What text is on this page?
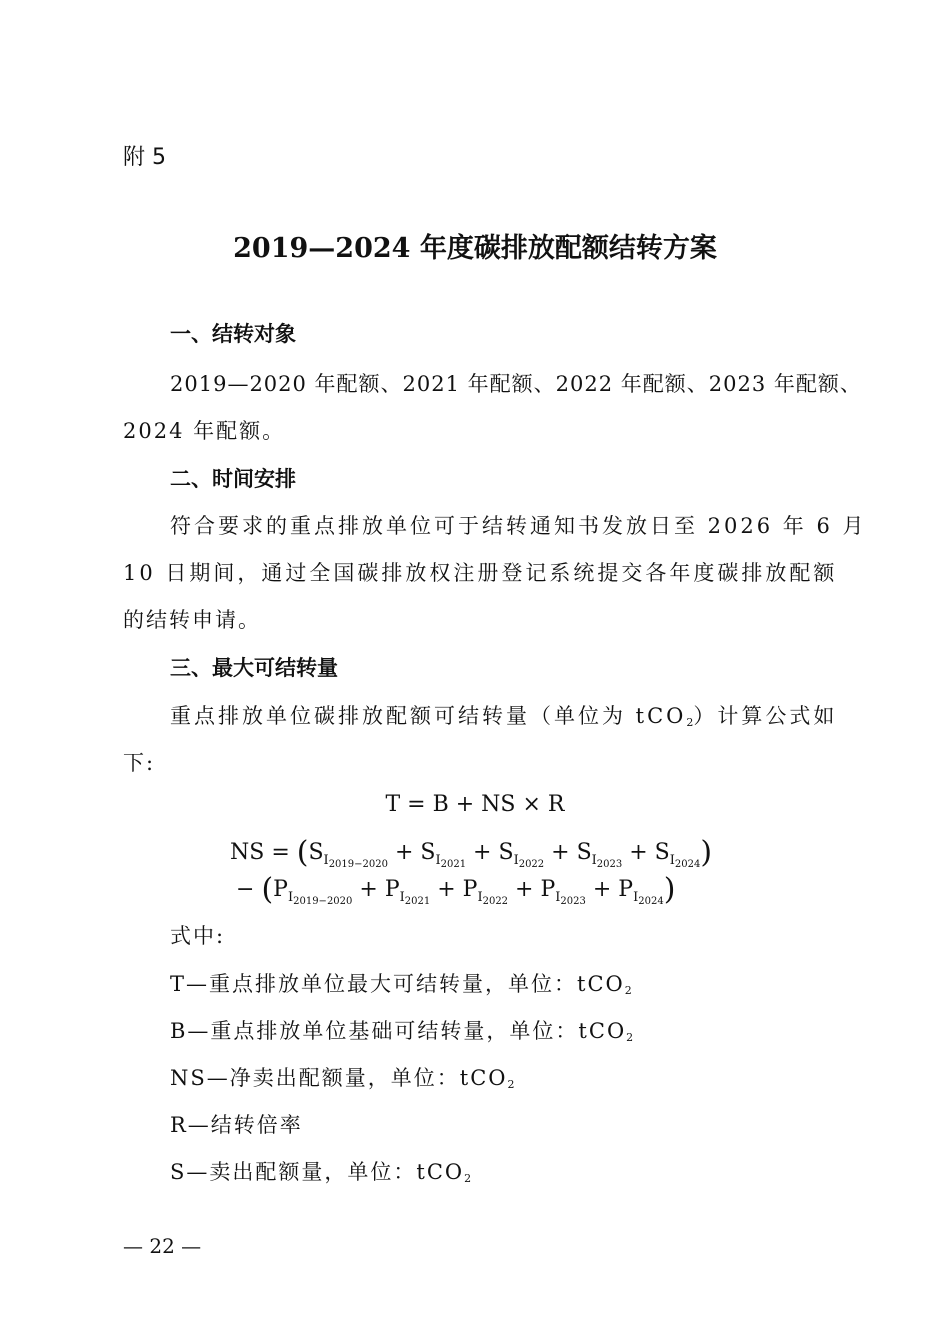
附 5
2019—2024 年度碳排放配额结转方案
一、结转对象
2019—2020 年配额、2021 年配额、2022 年配额、2023 年配额、
2024 年配额。
二、时间安排
符合要求的重点排放单位可于结转通知书发放日至 2026 年 6 月
10 日期间，通过全国碳排放权注册登记系统提交各年度碳排放配额
的结转申请。
三、最大可结转量
重点排放单位碳排放配额可结转量（单位为 tCO2）计算公式如
下:
T = B + NS × R
NS = $(S_{I_{2019-2020}} + S_{I_{2021}} + S_{I_{2022}} + S_{I_{2023}} + S_{I_{2024}})$
− $(P_{I_{2019-2020}} + P_{I_{2021}} + P_{I_{2022}} + P_{I_{2023}} + P_{I_{2024}})$
式中:
T—重点排放单位最大可结转量，单位：tCO2
B—重点排放单位基础可结转量，单位：tCO2
NS—净卖出配额量，单位：tCO2
R—结转倍率
S—卖出配额量，单位：tCO2
— 22 —
